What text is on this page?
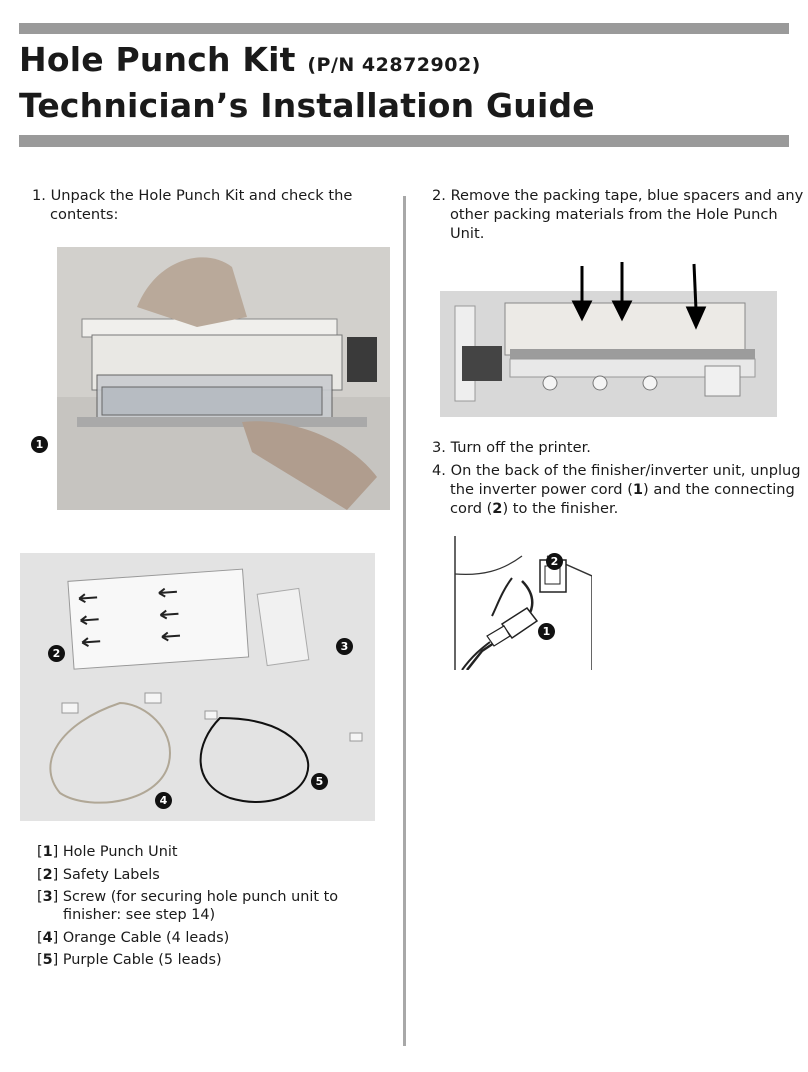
Hole Punch Kit (P/N 42872902)
Technician’s Installation Guide

1. Unpack the Hole Punch Kit and check the contents:

1
2
3
4
5
[1] Hole Punch Unit
[2] Safety Labels
[3] Screw (for securing hole punch unit to finisher: see step 14)
[4] Orange Cable (4 leads)
[5] Purple Cable (5 leads)

2. Remove the packing tape, blue spacers and any other packing materials from the Hole Punch Unit.

3. Turn off the printer.

4. On the back of the finisher/inverter unit, unplug the inverter power cord (1) and the connecting cord (2) to the finisher.

2
1
